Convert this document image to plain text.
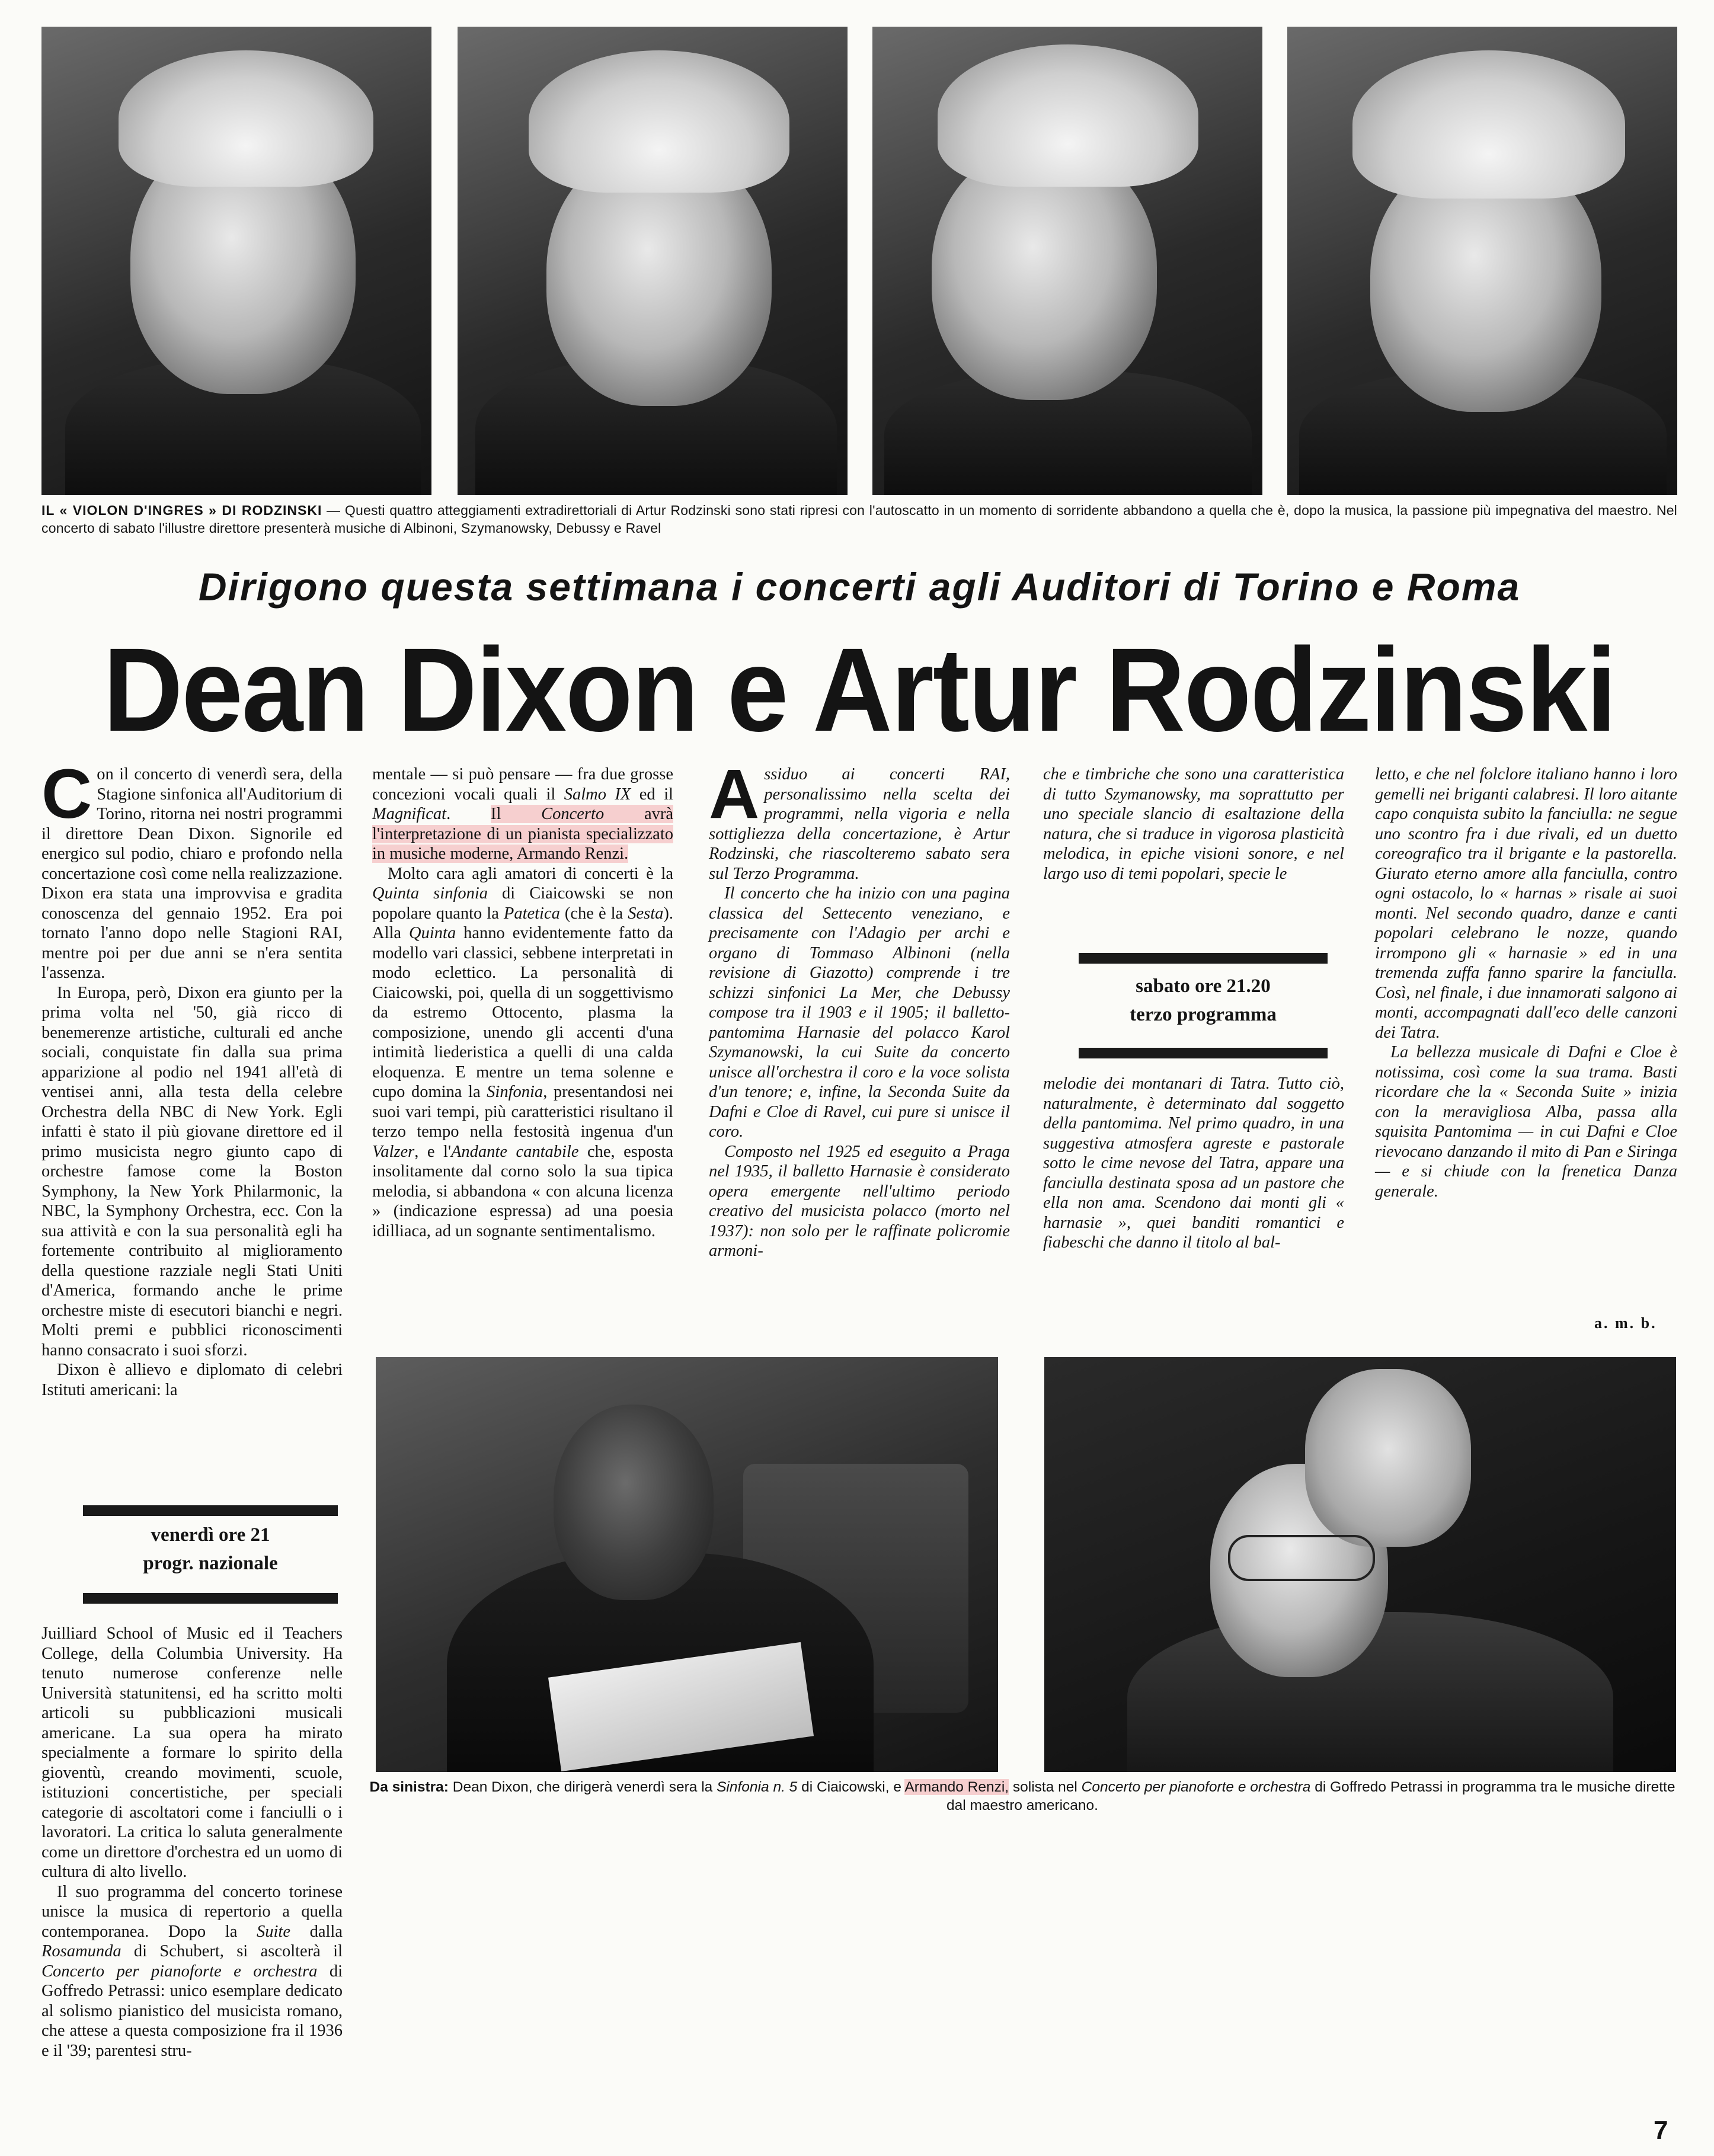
IL « VIOLON D'INGRES » DI RODZINSKI — Questi quattro atteggiamenti extradirettoriali di Artur Rodzinski sono stati ripresi con l'autoscatto in un momento di sorridente abbandono a quella che è, dopo la musica, la passione più impegnativa del maestro. Nel concerto di sabato l'illustre direttore presenterà musiche di Albinoni, Szymanowsky, Debussy e Ravel
Dirigono questa settimana i concerti agli Auditori di Torino e Roma
Dean Dixon e Artur Rodzinski

Con il concerto di venerdì sera, della Stagione sinfonica all'Auditorium di Torino, ritorna nei nostri programmi il direttore Dean Dixon. Signorile ed energico sul podio, chiaro e profondo nella concertazione così come nella realizzazione. Dixon era stata una improvvisa e gradita conoscenza del gennaio 1952. Era poi tornato l'anno dopo nelle Stagioni RAI, mentre poi per due anni se n'era sentita l'assenza.

In Europa, però, Dixon era giunto per la prima volta nel '50, già ricco di benemerenze artistiche, culturali ed anche sociali, conquistate fin dalla sua prima apparizione al podio nel 1941 all'età di ventisei anni, alla testa della celebre Orchestra della NBC di New York. Egli infatti è stato il più giovane direttore ed il primo musicista negro giunto capo di orchestre famose come la Boston Symphony, la New York Philarmonic, la NBC, la Symphony Orchestra, ecc. Con la sua attività e con la sua personalità egli ha fortemente contribuito al miglioramento della questione razziale negli Stati Uniti d'America, formando anche le prime orchestre miste di esecutori bianchi e negri. Molti premi e pubblici riconoscimenti hanno consacrato i suoi sforzi.

Dixon è allievo e diplomato di celebri Istituti americani: la

venerdì ore 21
progr. nazionale

Juilliard School of Music ed il Teachers College, della Columbia University. Ha tenuto numerose conferenze nelle Università statunitensi, ed ha scritto molti articoli su pubblicazioni musicali americane. La sua opera ha mirato specialmente a formare lo spirito della gioventù, creando movimenti, scuole, istituzioni concertistiche, per speciali categorie di ascoltatori come i fanciulli o i lavoratori. La critica lo saluta generalmente come un direttore d'orchestra ed un uomo di cultura di alto livello.

Il suo programma del concerto torinese unisce la musica di repertorio a quella contemporanea. Dopo la Suite dalla Rosamunda di Schubert, si ascolterà il Concerto per pianoforte e orchestra di Goffredo Petrassi: unico esemplare dedicato al solismo pianistico del musicista romano, che attese a questa composizione fra il 1936 e il '39; parentesi stru-

mentale — si può pensare — fra due grosse concezioni vocali quali il Salmo IX ed il Magnificat. Il Concerto avrà l'interpretazione di un pianista specializzato in musiche moderne, Armando Renzi.

Molto cara agli amatori di concerti è la Quinta sinfonia di Ciaicowski se non popolare quanto la Patetica (che è la Sesta). Alla Quinta hanno evidentemente fatto da modello vari classici, sebbene interpretati in modo eclettico. La personalità di Ciaicowski, poi, quella di un soggettivismo da estremo Ottocento, plasma la composizione, unendo gli accenti d'una intimità liederistica a quelli di una calda eloquenza. E mentre un tema solenne e cupo domina la Sinfonia, presentandosi nei suoi vari tempi, più caratteristici risultano il terzo tempo nella festosità ingenua d'un Valzer, e l'Andante cantabile che, esposta insolitamente dal corno solo la sua tipica melodia, si abbandona « con alcuna licenza » (indicazione espressa) ad una poesia idilliaca, ad un sognante sentimentalismo.

Assiduo ai concerti RAI, personalissimo nella scelta dei programmi, nella vigoria e nella sottigliezza della concertazione, è Artur Rodzinski, che riascolteremo sabato sera sul Terzo Programma.

Il concerto che ha inizio con una pagina classica del Settecento veneziano, e precisamente con l'Adagio per archi e organo di Tommaso Albinoni (nella revisione di Giazotto) comprende i tre schizzi sinfonici La Mer, che Debussy compose tra il 1903 e il 1905; il balletto-pantomima Harnasie del polacco Karol Szymanowski, la cui Suite da concerto unisce all'orchestra il coro e la voce solista d'un tenore; e, infine, la Seconda Suite da Dafni e Cloe di Ravel, cui pure si unisce il coro.

Composto nel 1925 ed eseguito a Praga nel 1935, il balletto Harnasie è considerato opera emergente nell'ultimo periodo creativo del musicista polacco (morto nel 1937): non solo per le raffinate policromie armoni-

che e timbriche che sono una caratteristica di tutto Szymanowsky, ma soprattutto per uno speciale slancio di esaltazione della natura, che si traduce in vigorosa plasticità melodica, in epiche visioni sonore, e nel largo uso di temi popolari, specie le

sabato ore 21.20
terzo programma

melodie dei montanari di Tatra. Tutto ciò, naturalmente, è determinato dal soggetto della pantomima. Nel primo quadro, in una suggestiva atmosfera agreste e pastorale sotto le cime nevose del Tatra, appare una fanciulla destinata sposa ad un pastore che ella non ama. Scendono dai monti gli « harnasie », quei banditi romantici e fiabeschi che danno il titolo al bal-

letto, e che nel folclore italiano hanno i loro gemelli nei briganti calabresi. Il loro aitante capo conquista subito la fanciulla: ne segue uno scontro fra i due rivali, ed un duetto coreografico tra il brigante e la pastorella. Giurato eterno amore alla fanciulla, contro ogni ostacolo, lo « harnas » risale ai suoi monti. Nel secondo quadro, danze e canti popolari celebrano le nozze, quando irrompono gli « harnasie » ed in una tremenda zuffa fanno sparire la fanciulla. Così, nel finale, i due innamorati salgono ai monti, accompagnati dall'eco delle canzoni dei Tatra.

La bellezza musicale di Dafni e Cloe è notissima, così come la sua trama. Basti ricordare che la « Seconda Suite » inizia con la meravigliosa Alba, passa alla squisita Pantomima — in cui Dafni e Cloe rievocano danzando il mito di Pan e Siringa — e si chiude con la frenetica Danza generale.

a. m. b.
Da sinistra: Dean Dixon, che dirigerà venerdì sera la Sinfonia n. 5 di Ciaicowski, e Armando Renzi, solista nel Concerto per pianoforte e orchestra di Goffredo Petrassi in programma tra le musiche dirette dal maestro americano.
7
